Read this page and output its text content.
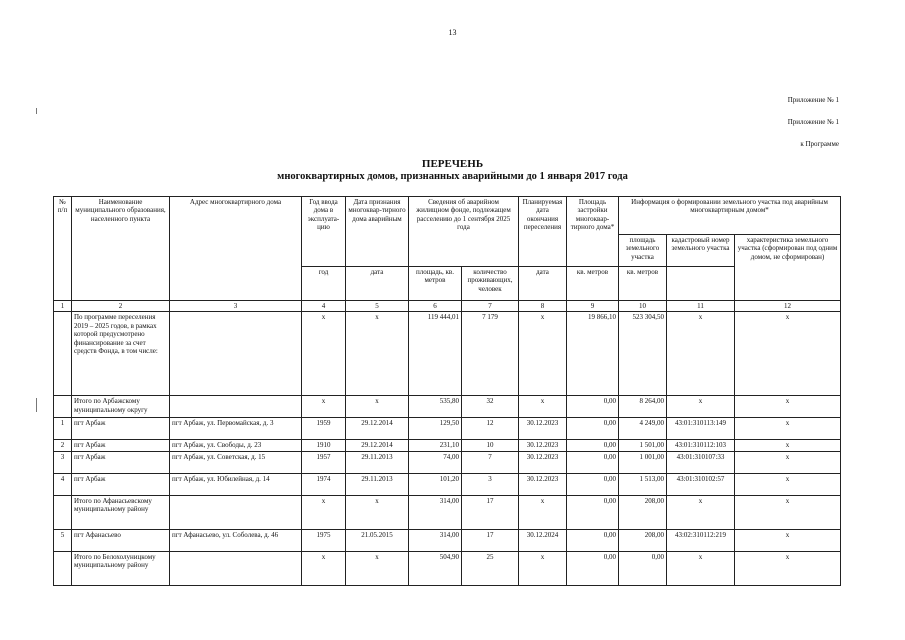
13
Приложение № 1
Приложение № 1
к Программе
ПЕРЕЧЕНЬ
многоквартирных домов, признанных аварийными до 1 января 2017 года
№ п/п	Наименование муниципального образования, населенного пункта	Адрес многоквартирного дома	Год ввода дома в эксплуата-цию	Дата признания многоквар-тирного дома аварийным	Сведения об аварийном жилищном фонде, подлежащем расселению до 1 сентября 2025 года		Планируемая дата окончания переселения	Площадь застройки многоквар-тирного дома*	Информация о формировании земельного участка под аварийным многоквартирным домом*		
									площадь земельного участка	кадастровый номер земельного участка	характеристика земельного участка (сформирован под одним домом, не сформирован)
			год	дата	площадь, кв. метров	количество проживающих, человек	дата	кв. метров	кв. метров		
1	2	3	4	5	6	7	8	9	10	11	12
	По программе переселения 2019 – 2025 годов, в рамках которой предусмотрено финансирование за счет средств Фонда, в том числе:		x	x	119 444,01	7 179	x	19 866,10	523 304,50	x	x
	Итого по Арбажскому муниципальному округу		x	x	535,80	32	x	0,00	8 264,00	x	x
1	пгт Арбаж	пгт Арбаж, ул. Первомайская, д. 3	1959	29.12.2014	129,50	12	30.12.2023	0,00	4 249,00	43:01:310113:149	x
2	пгт Арбаж	пгт Арбаж, ул. Свободы, д. 23	1910	29.12.2014	231,10	10	30.12.2023	0,00	1 501,00	43:01:310112:103	x
3	пгт Арбаж	пгт Арбаж, ул. Советская, д. 15	1957	29.11.2013	74,00	7	30.12.2023	0,00	1 001,00	43:01:310107:33	x
4	пгт Арбаж	пгт Арбаж, ул. Юбилейная, д. 14	1974	29.11.2013	101,20	3	30.12.2023	0,00	1 513,00	43:01:310102:57	x
	Итого по Афанасьевскому муниципальному району		x	x	314,00	17	x	0,00	208,00	x	x
5	пгт Афанасьево	пгт Афанасьево, ул. Соболева, д. 46	1975	21.05.2015	314,00	17	30.12.2024	0,00	208,00	43:02:310112:219	x
	Итого по Белохолуницкому муниципальному району		x	x	504,90	25	x	0,00	0,00	x	x
